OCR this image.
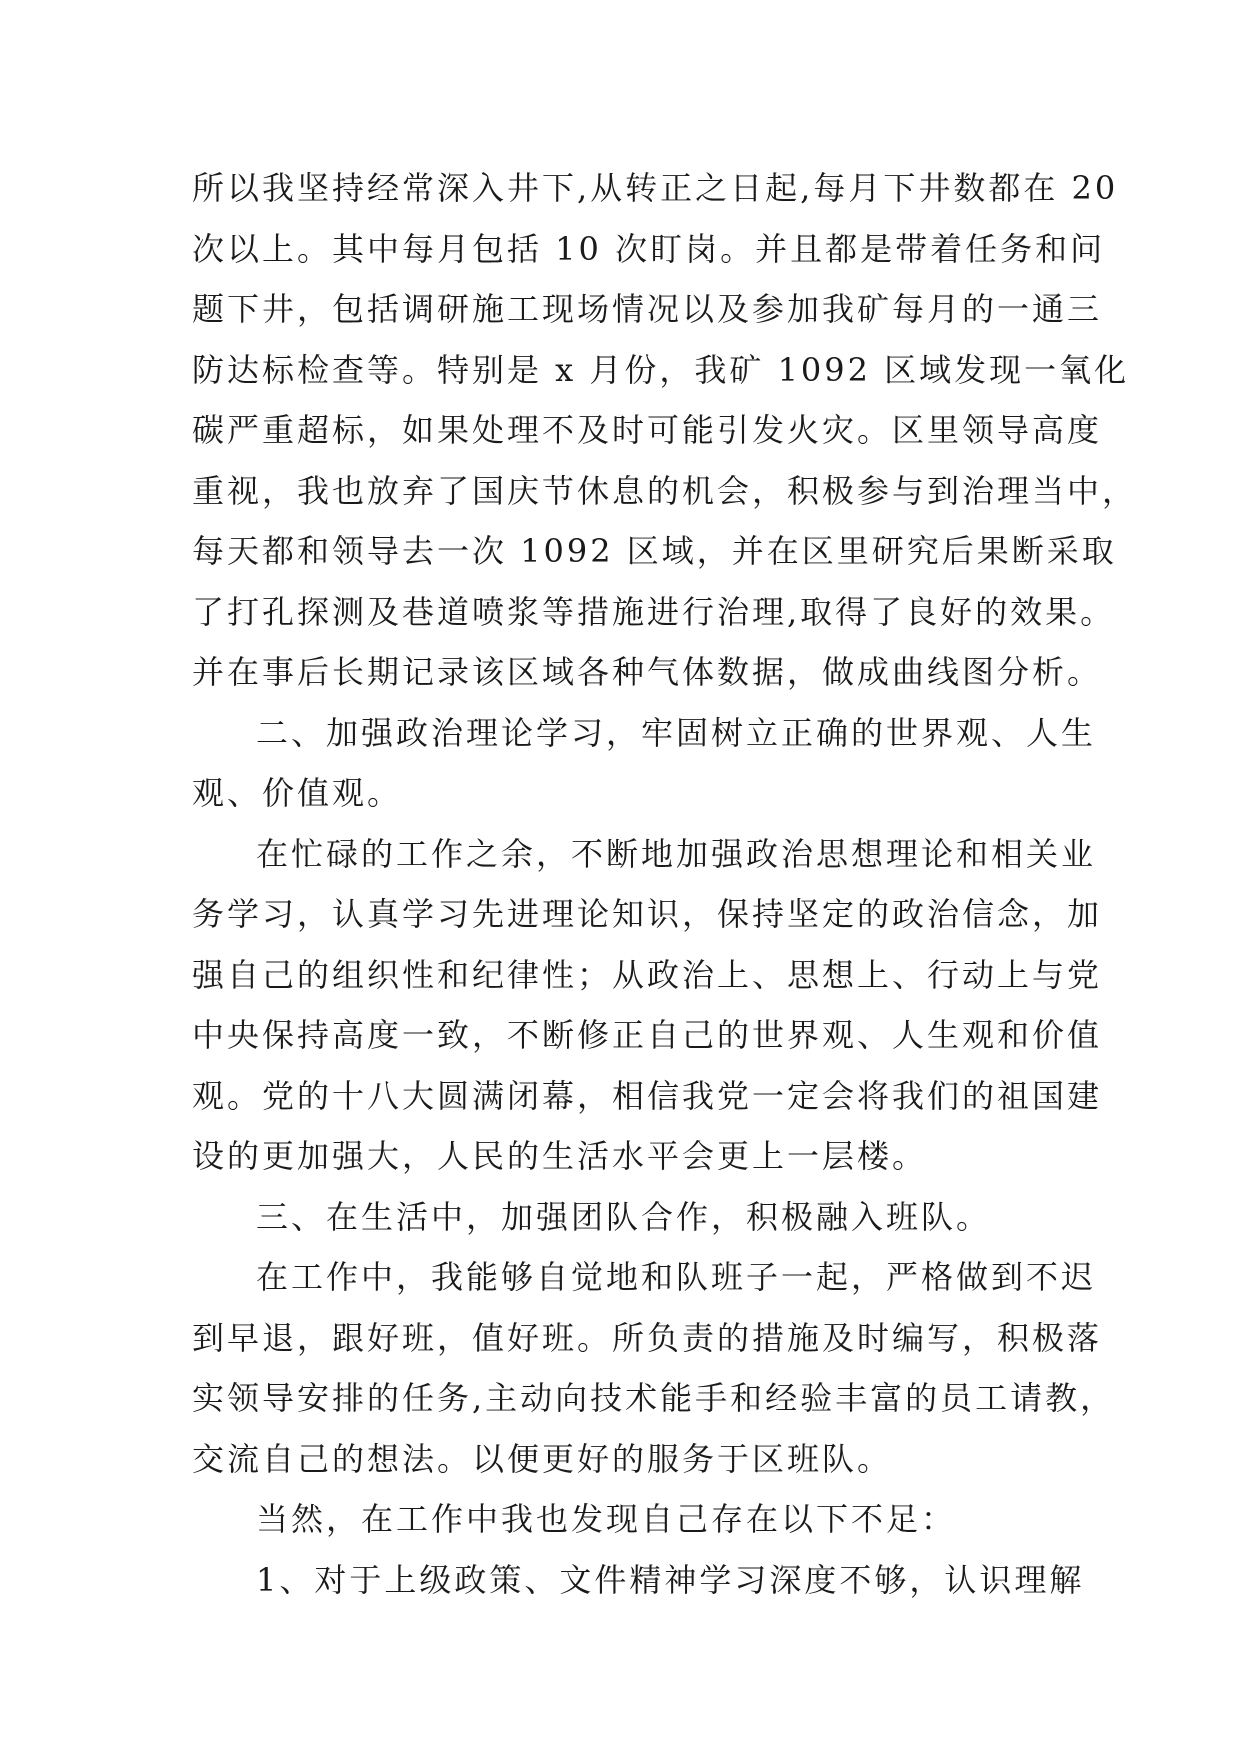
所以我坚持经常深入井下,从转正之日起,每月下井数都在 20
次以上。其中每月包括 10 次盯岗。并且都是带着任务和问
题下井，包括调研施工现场情况以及参加我矿每月的一通三
防达标检查等。特别是 x 月份，我矿 1092 区域发现一氧化
碳严重超标，如果处理不及时可能引发火灾。区里领导高度
重视，我也放弃了国庆节休息的机会，积极参与到治理当中，
每天都和领导去一次 1092 区域，并在区里研究后果断采取
了打孔探测及巷道喷浆等措施进行治理,取得了良好的效果。
并在事后长期记录该区域各种气体数据，做成曲线图分析。
二、加强政治理论学习，牢固树立正确的世界观、人生
观、价值观。
在忙碌的工作之余，不断地加强政治思想理论和相关业
务学习，认真学习先进理论知识，保持坚定的政治信念，加
强自己的组织性和纪律性；从政治上、思想上、行动上与党
中央保持高度一致，不断修正自己的世界观、人生观和价值
观。党的十八大圆满闭幕，相信我党一定会将我们的祖国建
设的更加强大，人民的生活水平会更上一层楼。
三、在生活中，加强团队合作，积极融入班队。
在工作中，我能够自觉地和队班子一起，严格做到不迟
到早退，跟好班，值好班。所负责的措施及时编写，积极落
实领导安排的任务,主动向技术能手和经验丰富的员工请教，
交流自己的想法。以便更好的服务于区班队。
当然，在工作中我也发现自己存在以下不足：
1、对于上级政策、文件精神学习深度不够，认识理解
